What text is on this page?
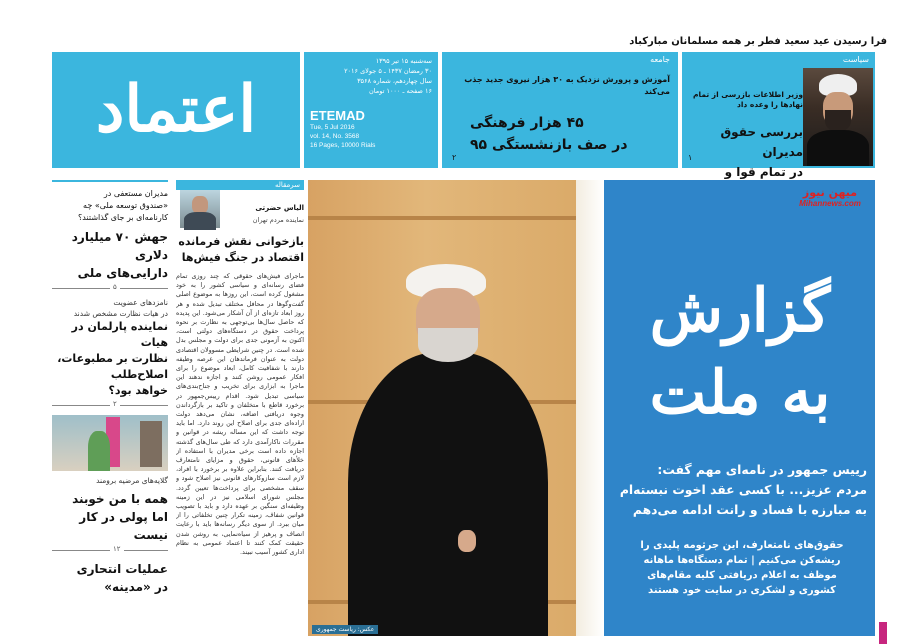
فرا رسیدن عید سعید فطر بر همه مسلمانان مبارکباد
اعتماد
سه‌شنبه ۱۵ تیر ۱۳۹۵
۳۰ رمضان ۱۴۳۷ ـ ۵ جولای ۲۰۱۶
سال چهاردهم، شماره ۳۵۶۸
۱۶ صفحه ـ ۱۰۰۰ تومان
ETEMAD
Tue, 5 Jul 2016
vol. 14, No. 3568
16 Pages, 10000 Rials
جامعه
آموزش و پرورش نزدیک به ۳۰ هزار نیروی جدید جذب می‌کند
۴۵ هزار فرهنگی
در صف بازنشستگی ۹۵
۲
سیاست
وزیر اطلاعات بازرسی از تمام نهادها را وعده داد
بررسی حقوق مدیران
در تمام قوا و
۱
مدیران مستعفی در
«صندوق توسعه ملی» چه
کارنامه‌ای بر جای گذاشتند؟
جهش ۷۰ میلیارد دلاری
دارایی‌های ملی
۵
نامزدهای عضویت
در هیات نظارت مشخص شدند
نماینده پارلمان در هیات
نظارت بر مطبوعات،
اصلاح‌طلب
خواهد بود؟
۲
گلایه‌های مرضیه برومند
همه با من خوبند
اما پولی در کار
نیست
۱۲
عملیات انتحاری
در «مدینه»
سرمقاله
الیاس حضرتی
نماینده مردم تهران
بازخوانی نقش فرمانده
اقتصاد در جنگ فیش‌ها
ماجرای فیش‌های حقوقی که چند روزی تمام فضای رسانه‌ای و سیاسی کشور را به خود مشغول کرده است، این روزها به موضوع اصلی گفت‌وگوها در محافل مختلف تبدیل شده و هر روز ابعاد تازه‌ای از آن آشکار می‌شود. این پدیده که حاصل سال‌ها بی‌توجهی به نظارت بر نحوه پرداخت حقوق در دستگاه‌های دولتی است، اکنون به آزمونی جدی برای دولت و مجلس بدل شده است. در چنین شرایطی مسوولان اقتصادی دولت به عنوان فرماندهان این عرصه وظیفه دارند با شفافیت کامل، ابعاد موضوع را برای افکار عمومی روشن کنند و اجازه ندهند این ماجرا به ابزاری برای تخریب و جناح‌بندی‌های سیاسی تبدیل شود. اقدام رییس‌جمهور در برخورد قاطع با متخلفان و تاکید بر بازگرداندن وجوه دریافتی اضافه، نشان می‌دهد دولت اراده‌ای جدی برای اصلاح این روند دارد. اما باید توجه داشت که این مساله ریشه در قوانین و مقررات ناکارآمدی دارد که طی سال‌های گذشته اجازه داده است برخی مدیران با استفاده از خلأهای قانونی، حقوق و مزایای نامتعارف دریافت کنند. بنابراین علاوه بر برخورد با افراد، لازم است سازوکارهای قانونی نیز اصلاح شود و سقف مشخصی برای پرداخت‌ها تعیین گردد. مجلس شورای اسلامی نیز در این زمینه وظیفه‌ای سنگین بر عهده دارد و باید با تصویب قوانین شفاف، زمینه تکرار چنین تخلفاتی را از میان ببرد. از سوی دیگر رسانه‌ها باید با رعایت انصاف و پرهیز از سیاه‌نمایی، به روشن شدن حقیقت کمک کنند تا اعتماد عمومی به نظام اداری کشور آسیب نبیند.
عکس: ریاست جمهوری
میهن نیوز
Mihannews.com
گزارش
به ملت
رییس جمهور در نامه‌ای مهم گفت:
مردم عزیز... با کسی عقد اخوت نبسته‌ام
به مبارزه با فساد و رانت ادامه می‌دهم
حقوق‌های نامتعارف، این جرثومه پلیدی را
ریشه‌کن می‌کنیم | تمام دستگاه‌ها ماهانه
موظف به اعلام دریافتی کلیه مقام‌های
کشوری و لشکری در سایت خود هستند
